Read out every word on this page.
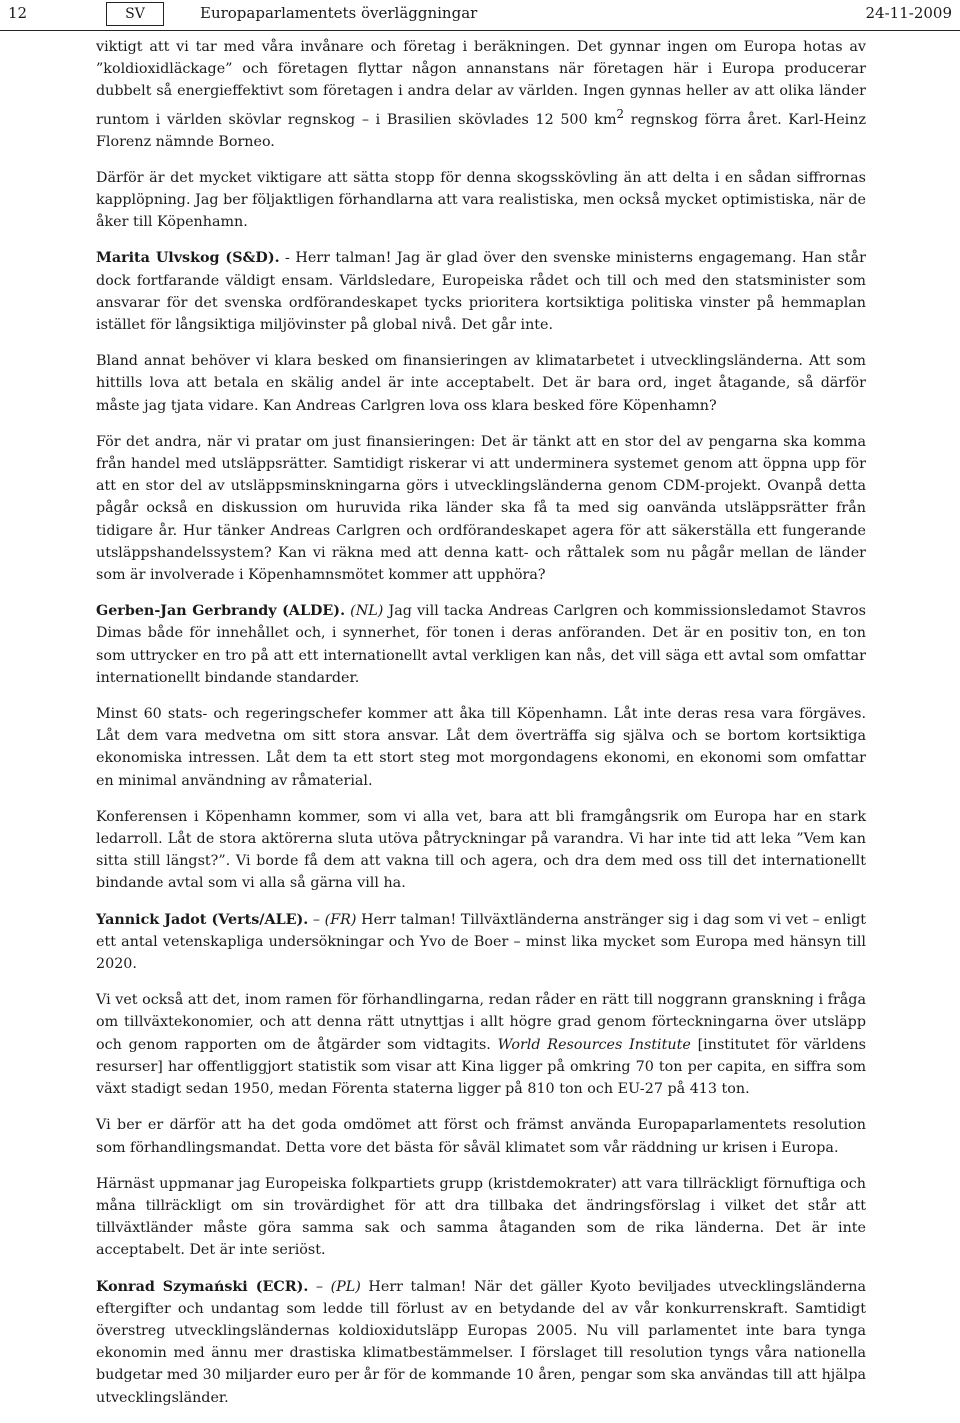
12	SV	Europaparlamentets överläggningar	24-11-2009

viktigt att vi tar med våra invånare och företag i beräkningen. Det gynnar ingen om Europa hotas av ”koldioxidläckage” och företagen flyttar någon annanstans när företagen här i Europa producerar dubbelt så energieffektivt som företagen i andra delar av världen. Ingen gynnas heller av att olika länder runtom i världen skövlar regnskog – i Brasilien skövlades 12 500 $km^2$ regnskog förra året. Karl-Heinz Florenz nämnde Borneo.

Därför är det mycket viktigare att sätta stopp för denna skogsskövling än att delta i en sådan siffrornas kapplöpning. Jag ber följaktligen förhandlarna att vara realistiska, men också mycket optimistiska, när de åker till Köpenhamn.

Marita Ulvskog (S&D). - Herr talman! Jag är glad över den svenske ministerns engagemang. Han står dock fortfarande väldigt ensam. Världsledare, Europeiska rådet och till och med den statsminister som ansvarar för det svenska ordförandeskapet tycks prioritera kortsiktiga politiska vinster på hemmaplan istället för långsiktiga miljövinster på global nivå. Det går inte.

Bland annat behöver vi klara besked om finansieringen av klimatarbetet i utvecklingsländerna. Att som hittills lova att betala en skälig andel är inte acceptabelt. Det är bara ord, inget åtagande, så därför måste jag tjata vidare. Kan Andreas Carlgren lova oss klara besked före Köpenhamn?

För det andra, när vi pratar om just finansieringen: Det är tänkt att en stor del av pengarna ska komma från handel med utsläppsrätter. Samtidigt riskerar vi att underminera systemet genom att öppna upp för att en stor del av utsläppsminskningarna görs i utvecklingsländerna genom CDM-projekt. Ovanpå detta pågår också en diskussion om huruvida rika länder ska få ta med sig oanvända utsläppsrätter från tidigare år. Hur tänker Andreas Carlgren och ordförandeskapet agera för att säkerställa ett fungerande utsläppshandelssystem? Kan vi räkna med att denna katt- och råttalek som nu pågår mellan de länder som är involverade i Köpenhamnsmötet kommer att upphöra?

Gerben-Jan Gerbrandy (ALDE). (NL) Jag vill tacka Andreas Carlgren och kommissionsledamot Stavros Dimas både för innehållet och, i synnerhet, för tonen i deras anföranden. Det är en positiv ton, en ton som uttrycker en tro på att ett internationellt avtal verkligen kan nås, det vill säga ett avtal som omfattar internationellt bindande standarder.

Minst 60 stats- och regeringschefer kommer att åka till Köpenhamn. Låt inte deras resa vara förgäves. Låt dem vara medvetna om sitt stora ansvar. Låt dem överträffa sig själva och se bortom kortsiktiga ekonomiska intressen. Låt dem ta ett stort steg mot morgondagens ekonomi, en ekonomi som omfattar en minimal användning av råmaterial.

Konferensen i Köpenhamn kommer, som vi alla vet, bara att bli framgångsrik om Europa har en stark ledarroll. Låt de stora aktörerna sluta utöva påtryckningar på varandra. Vi har inte tid att leka ”Vem kan sitta still längst?”. Vi borde få dem att vakna till och agera, och dra dem med oss till det internationellt bindande avtal som vi alla så gärna vill ha.

Yannick Jadot (Verts/ALE). – (FR) Herr talman! Tillväxtländerna anstränger sig i dag som vi vet – enligt ett antal vetenskapliga undersökningar och Yvo de Boer – minst lika mycket som Europa med hänsyn till 2020.

Vi vet också att det, inom ramen för förhandlingarna, redan råder en rätt till noggrann granskning i fråga om tillväxtekonomier, och att denna rätt utnyttjas i allt högre grad genom förteckningarna över utsläpp och genom rapporten om de åtgärder som vidtagits. World Resources Institute [institutet för världens resurser] har offentliggjort statistik som visar att Kina ligger på omkring 70 ton per capita, en siffra som växt stadigt sedan 1950, medan Förenta staterna ligger på 810 ton och EU-27 på 413 ton.

Vi ber er därför att ha det goda omdömet att först och främst använda Europaparlamentets resolution som förhandlingsmandat. Detta vore det bästa för såväl klimatet som vår räddning ur krisen i Europa.

Härnäst uppmanar jag Europeiska folkpartiets grupp (kristdemokrater) att vara tillräckligt förnuftiga och måna tillräckligt om sin trovärdighet för att dra tillbaka det ändringsförslag i vilket det står att tillväxtländer måste göra samma sak och samma åtaganden som de rika länderna. Det är inte acceptabelt. Det är inte seriöst.

Konrad Szymański (ECR). – (PL) Herr talman! När det gäller Kyoto beviljades utvecklingsländerna eftergifter och undantag som ledde till förlust av en betydande del av vår konkurrenskraft. Samtidigt överstreg utvecklingsländernas koldioxidutsläpp Europas 2005. Nu vill parlamentet inte bara tynga ekonomin med ännu mer drastiska klimatbestämmelser. I förslaget till resolution tyngs våra nationella budgetar med 30 miljarder euro per år för de kommande 10 åren, pengar som ska användas till att hjälpa utvecklingsländer.
